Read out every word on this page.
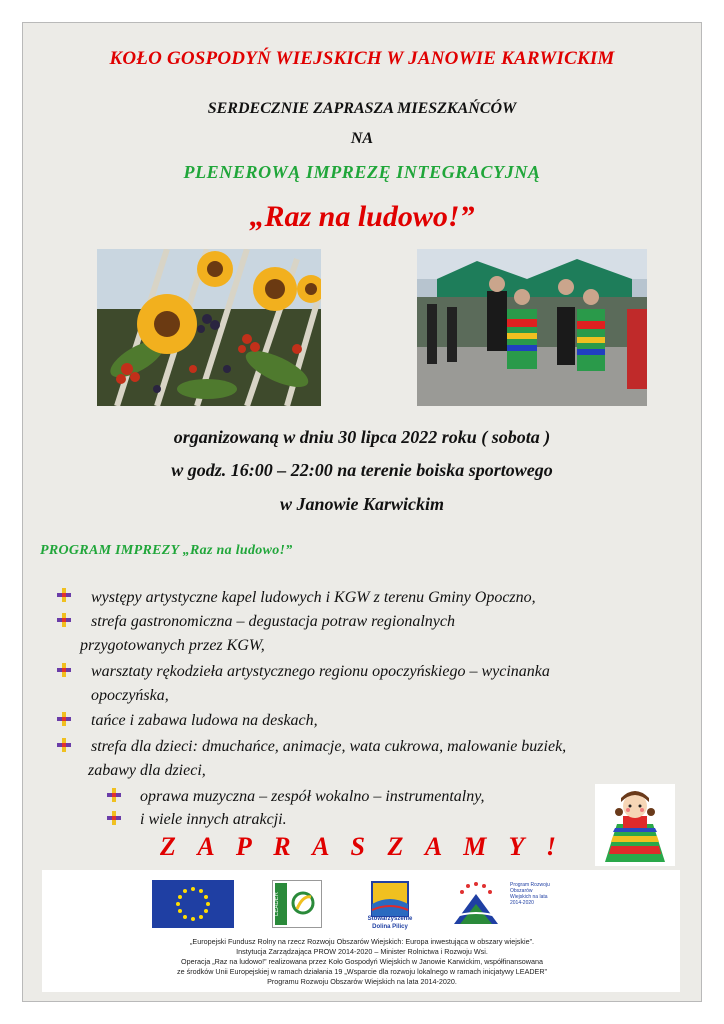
KOŁO GOSPODYŃ WIEJSKICH W JANOWIE KARWICKIM
SERDECZNIE ZAPRASZA MIESZKAŃCÓW
NA
PLENEROWĄ IMPREZĘ INTEGRACYJNĄ
„Raz na ludowo!”
organizowaną w dniu 30 lipca 2022 roku ( sobota )
w godz. 16:00 – 22:00 na terenie boiska sportowego
w Janowie Karwickim
PROGRAM IMPREZY „Raz na ludowo!”
występy artystyczne kapel ludowych i KGW z terenu Gminy Opoczno,
strefa gastronomiczna – degustacja potraw regionalnych
przygotowanych przez KGW,
warsztaty rękodzieła artystycznego regionu opoczyńskiego – wycinanka
opoczyńska,
tańce i zabawa ludowa na deskach,
strefa dla dzieci: dmuchańce, animacje, wata cukrowa, malowanie buziek,
zabawy dla dzieci,
oprawa muzyczna – zespół wokalno – instrumentalny,
i wiele innych atrakcji.
Z A P R A S Z A M Y !
LEADER
Stowarzyszenie
Dolina Pilicy
Program Rozwoju Obszarów Wiejskich na lata 2014-2020
„Europejski Fundusz Rolny na rzecz Rozwoju Obszarów Wiejskich: Europa inwestująca w obszary wiejskie”.
Instytucja Zarządzająca PROW 2014-2020 – Minister Rolnictwa i Rozwoju Wsi.
Operacja „Raz na ludowo!” realizowana przez Koło Gospodyń Wiejskich w Janowie Karwickim, współfinansowana
ze środków Unii Europejskiej w ramach działania 19 „Wsparcie dla rozwoju lokalnego w ramach inicjatywy LEADER”
Programu Rozwoju Obszarów Wiejskich na lata 2014-2020.
